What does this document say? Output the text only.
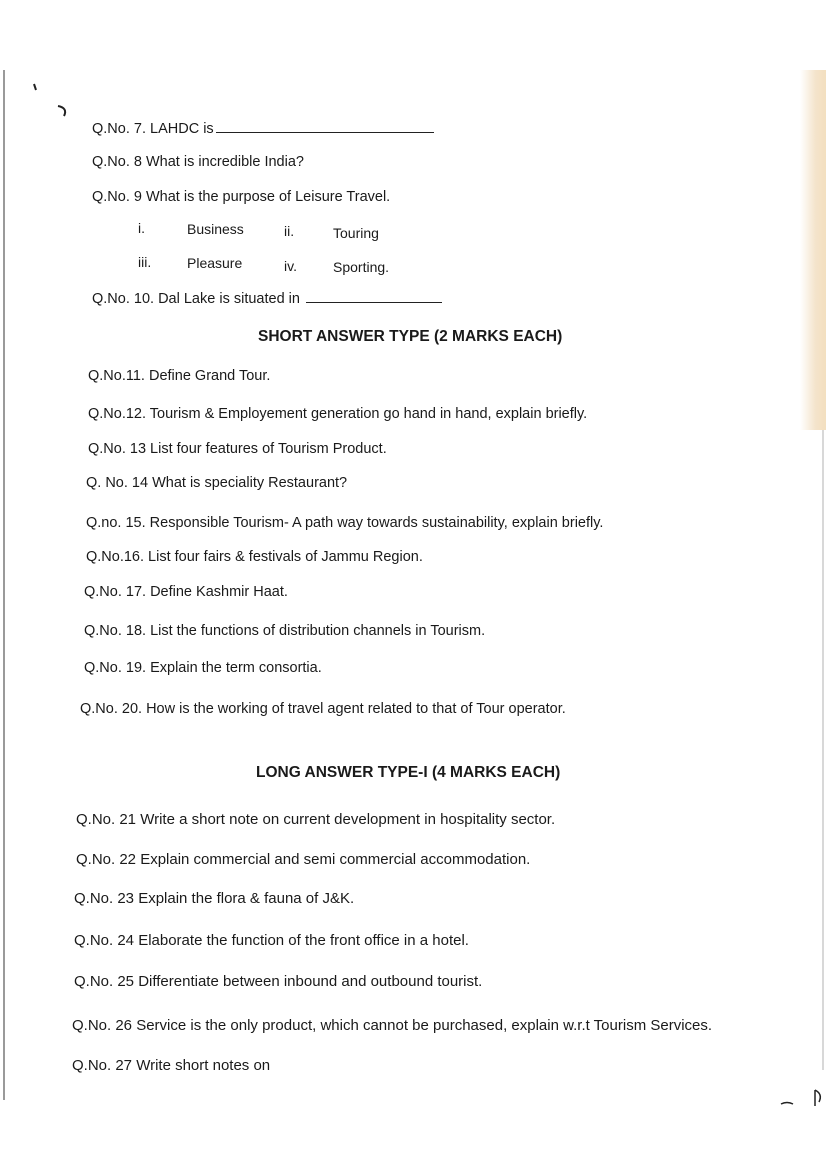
Q.No. 7. LAHDC is
Q.No. 8 What is incredible India?
Q.No. 9 What is the purpose of Leisure Travel.
i.	Business	ii.	Touring
iii.	Pleasure	iv.	Sporting.
Q.No. 10. Dal Lake is situated in
SHORT ANSWER TYPE (2 MARKS EACH)
Q.No.11. Define Grand Tour.
Q.No.12. Tourism & Employement generation go hand in hand, explain briefly.
Q.No. 13 List four features of Tourism Product.
Q. No. 14 What is speciality Restaurant?
Q.no. 15. Responsible Tourism- A path way towards sustainability, explain briefly.
Q.No.16. List four fairs & festivals of Jammu Region.
Q.No. 17. Define Kashmir Haat.
Q.No. 18. List the functions of distribution channels in Tourism.
Q.No. 19. Explain the term consortia.
Q.No. 20. How is the working of travel agent related to that of Tour operator.
LONG ANSWER TYPE-I (4 MARKS EACH)
Q.No. 21 Write a short note on current development in hospitality sector.
Q.No. 22 Explain commercial and semi commercial accommodation.
Q.No. 23 Explain the flora & fauna of J&K.
Q.No. 24 Elaborate the function of the front office in a hotel.
Q.No. 25 Differentiate between inbound and outbound tourist.
Q.No. 26 Service is the only product, which cannot be purchased, explain w.r.t Tourism Services.
Q.No. 27 Write short notes on
